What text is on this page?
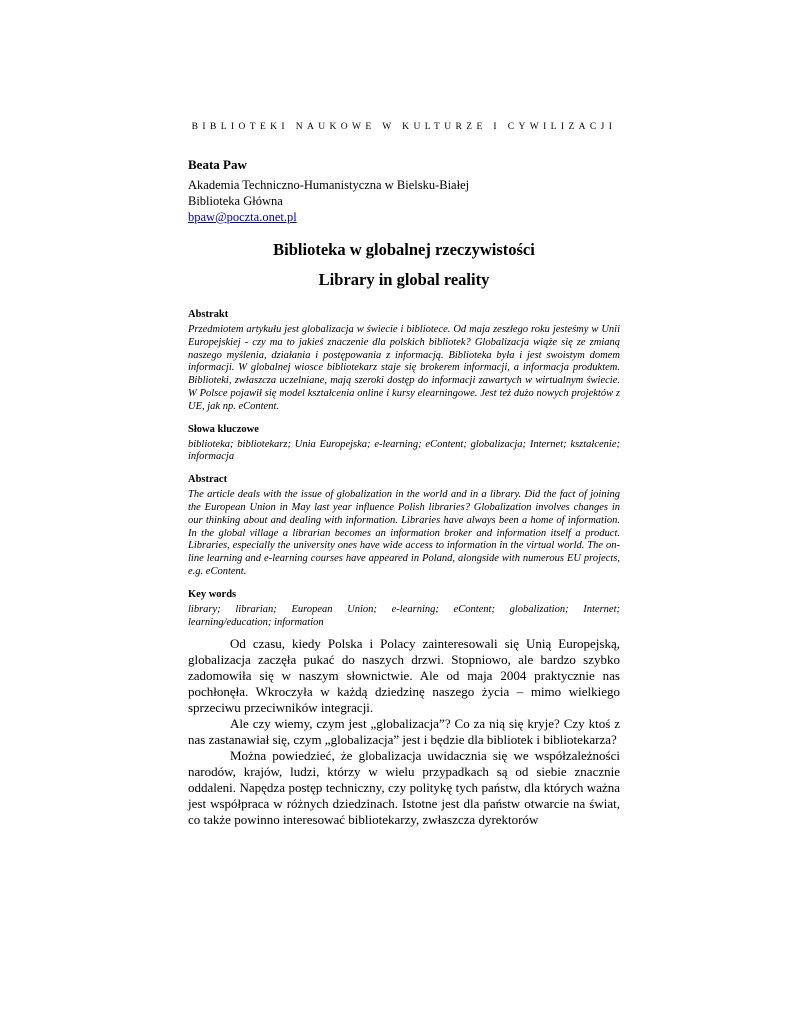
BIBLIOTEKI NAUKOWE W KULTURZE I CYWILIZACJI
Beata Paw
Akademia Techniczno-Humanistyczna w Bielsku-Białej
Biblioteka Główna
bpaw@poczta.onet.pl
Biblioteka w globalnej rzeczywistości
Library in global reality
Abstrakt

Przedmiotem artykułu jest globalizacja w świecie i bibliotece. Od maja zeszłego roku jesteśmy w Unii Europejskiej - czy ma to jakieś znaczenie dla polskich bibliotek? Globalizacja wiąże się ze zmianą naszego myślenia, działania i postępowania z informacją. Biblioteka była i jest swoistym domem informacji. W globalnej wiosce bibliotekarz staje się brokerem informacji, a informacja produktem. Biblioteki, zwłaszcza uczelniane, mają szeroki dostęp do informacji zawartych w wirtualnym świecie. W Polsce pojawił się model kształcenia online i kursy elearningowe. Jest też dużo nowych projektów z UE, jak np. eContent.

Słowa kluczowe

biblioteka; bibliotekarz; Unia Europejska; e-learning; eContent; globalizacja; Internet; kształcenie; informacja

Abstract

The article deals with the issue of globalization in the world and in a library. Did the fact of joining the European Union in May last year influence Polish libraries? Globalization involves changes in our thinking about and dealing with information. Libraries have always been a home of information. In the global village a librarian becomes an information broker and information itself a product. Libraries, especially the university ones have wide access to information in the virtual world. The on-line learning and e-learning courses have appeared in Poland, alongside with numerous EU projects, e.g. eContent.

Key words

library; librarian; European Union; e-learning; eContent; globalization; Internet; learning/education; information

Od czasu, kiedy Polska i Polacy zainteresowali się Unią Europejską, globalizacja zaczęła pukać do naszych drzwi. Stopniowo, ale bardzo szybko zadomowiła się w naszym słownictwie. Ale od maja 2004 praktycznie nas pochłonęła. Wkroczyła w każdą dziedzinę naszego życia – mimo wielkiego sprzeciwu przeciwników integracji.

Ale czy wiemy, czym jest „globalizacja”? Co za nią się kryje? Czy ktoś z nas zastanawiał się, czym „globalizacja” jest i będzie dla bibliotek i bibliotekarza?

Można powiedzieć, że globalizacja uwidacznia się we współzależności narodów, krajów, ludzi, którzy w wielu przypadkach są od siebie znacznie oddaleni. Napędza postęp techniczny, czy politykę tych państw, dla których ważna jest współpraca w różnych dziedzinach. Istotne jest dla państw otwarcie na świat, co także powinno interesować bibliotekarzy, zwłaszcza dyrektorów
